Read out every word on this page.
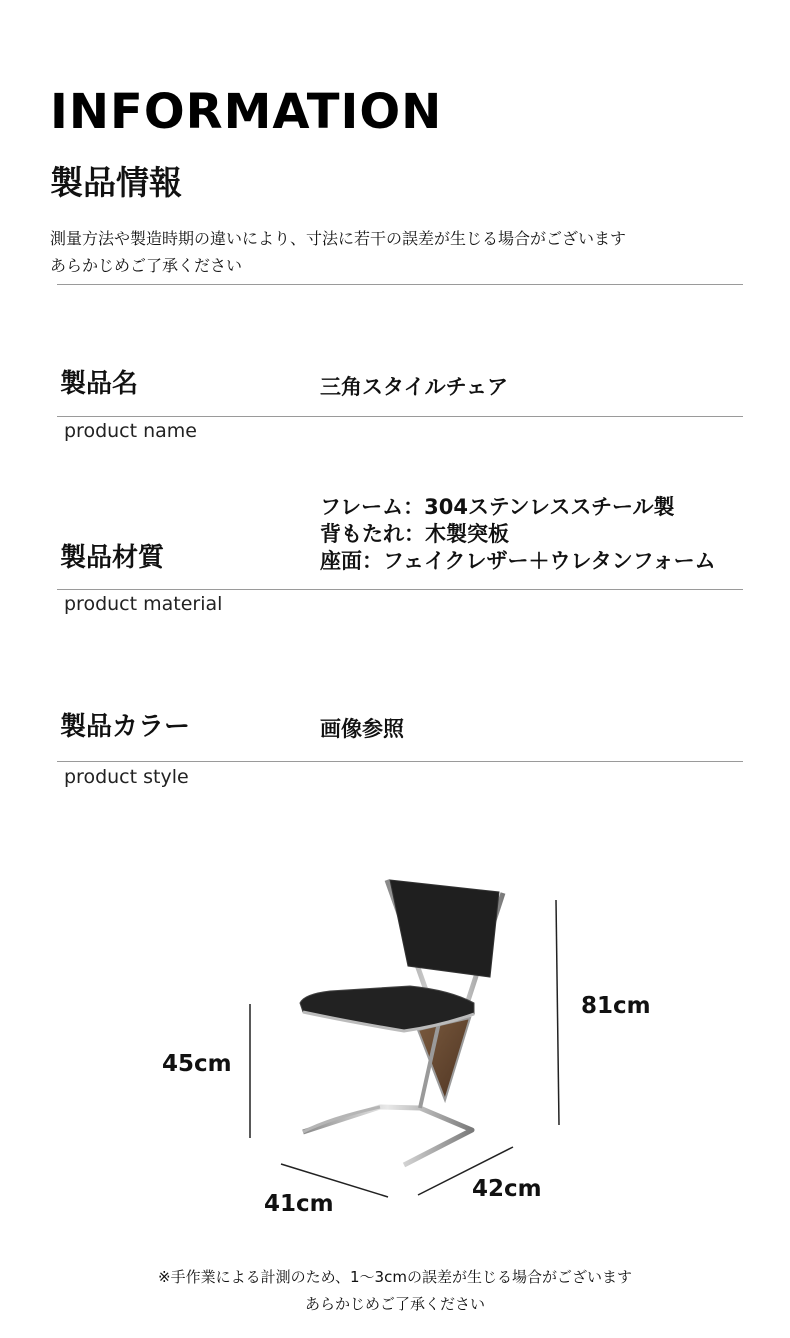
INFORMATION
製品情報
測量方法や製造時期の違いにより、寸法に若干の誤差が生じる場合がございます
あらかじめご了承ください
製品名	三角スタイルチェア
product name
フレーム：304ステンレススチール製
背もたれ：木製突板
座面：フェイクレザー＋ウレタンフォーム
製品材質
product material
製品カラー	画像参照
product style
81cm
45cm
41cm
42cm
※手作業による計測のため、1～3cmの誤差が生じる場合がございます
あらかじめご了承ください
